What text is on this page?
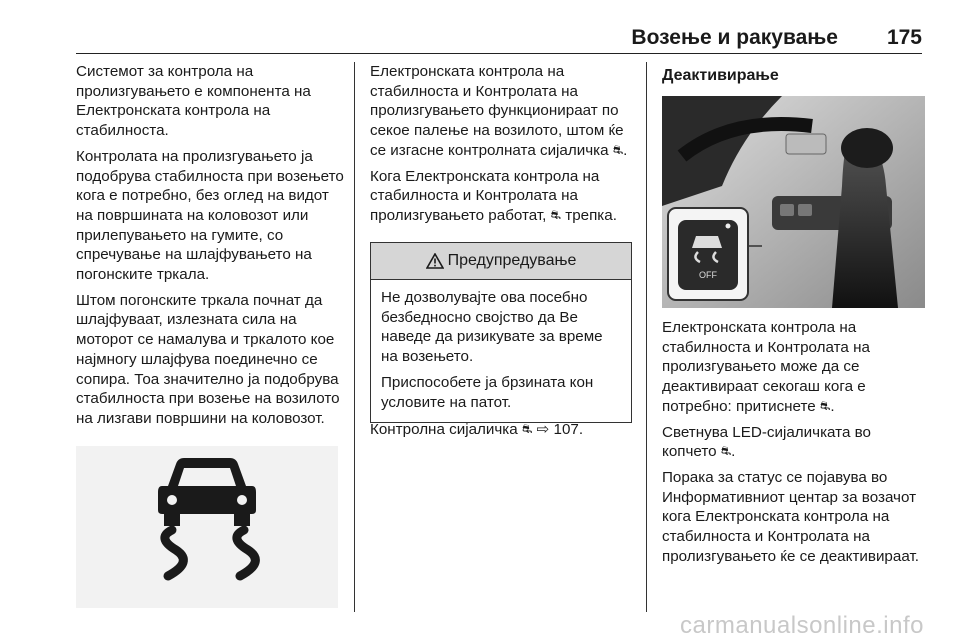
Возење и ракување 175

Системот за контрола на пролизгувањето е компонента на Електронската контрола на стабилноста.

Контролата на пролизгувањето ја подобрува стабилноста при возењето кога е потребно, без оглед на видот на површината на коловозот или прилепувањето на гумите, со спречување на шлајфувањето на погонските тркала.

Штом погонските тркала почнат да шлајфуваат, излезната сила на моторот се намалува и тркалото кое најмногу шлајфува поединечно се сопира. Тоа значително ја подобрува стабилноста при возење на возилото на лизгави површини на коловозот.

Електронската контрола на стабилноста и Контролата на пролизгувањето функционираат по секое палење на возилото, штом ќе се изгасне контролната сијаличка ⛐.

Кога Електронската контрола на стабилноста и Контролата на пролизгувањето работат, ⛐ трепка.

Предупредување

Не дозволувајте ова посебно безбедносно својство да Ве наведе да ризикувате за време на возењето.

Приспособете ја брзината кон условите на патот.

Контролна сијаличка ⛐ ⇨ 107.
Деактивирање
OFF

Електронската контрола на стабилноста и Контролата на пролизгувањето може да се деактивираат секогаш кога е потребно: притиснете ⛐.

Светнува LED-сијаличката во копчето ⛐.

Порака за статус се појавува во Информативниот центар за возачот кога Електронската контрола на стабилноста и Контролата на пролизгувањето ќе се деактивираат.

carmanualsonline.info
